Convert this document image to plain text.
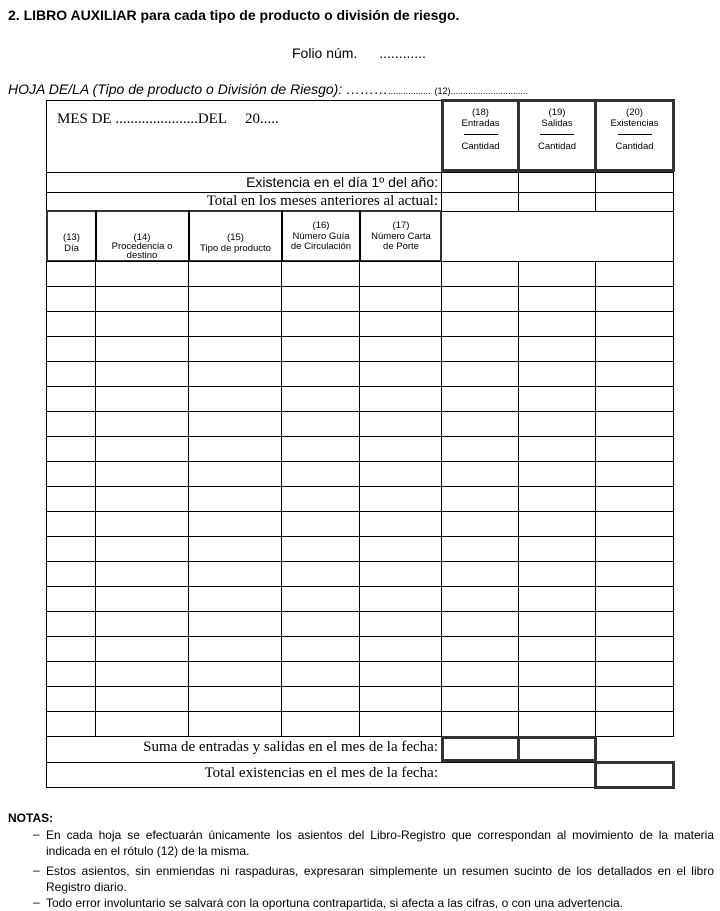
2. LIBRO AUXILIAR para cada tipo de producto o división de riesgo.
Folio núm. ............
HOJA DE/LA (Tipo de producto o División de Riesgo): ………................. (12)...............................
MES DE ......................DEL 20.....	(18)
Entradas
Cantidad
(19)
Salidas
Cantidad
(20)
Existencias
Cantidad
Existencia en el día 1º del año:
Total en los meses anteriores al actual:
(13)
Día
(14)
Procedencia o destino
(15)
Tipo de producto
(16)
Número Guía de Circulación
(17)
Número Carta de Porte
Suma de entradas y salidas en el mes de la fecha:
Total existencias en el mes de la fecha:
NOTAS:
– En cada hoja se efectuarán únicamente los asientos del Libro-Registro que correspondan al movimiento de la materia indicada en el rótulo (12) de la misma.
– Estos asientos, sin enmiendas ni raspaduras, expresaran simplemente un resumen sucinto de los detallados en el libro Registro diario.
– Todo error involuntario se salvará con la oportuna contrapartida, si afecta a las cifras, o con una advertencia.
